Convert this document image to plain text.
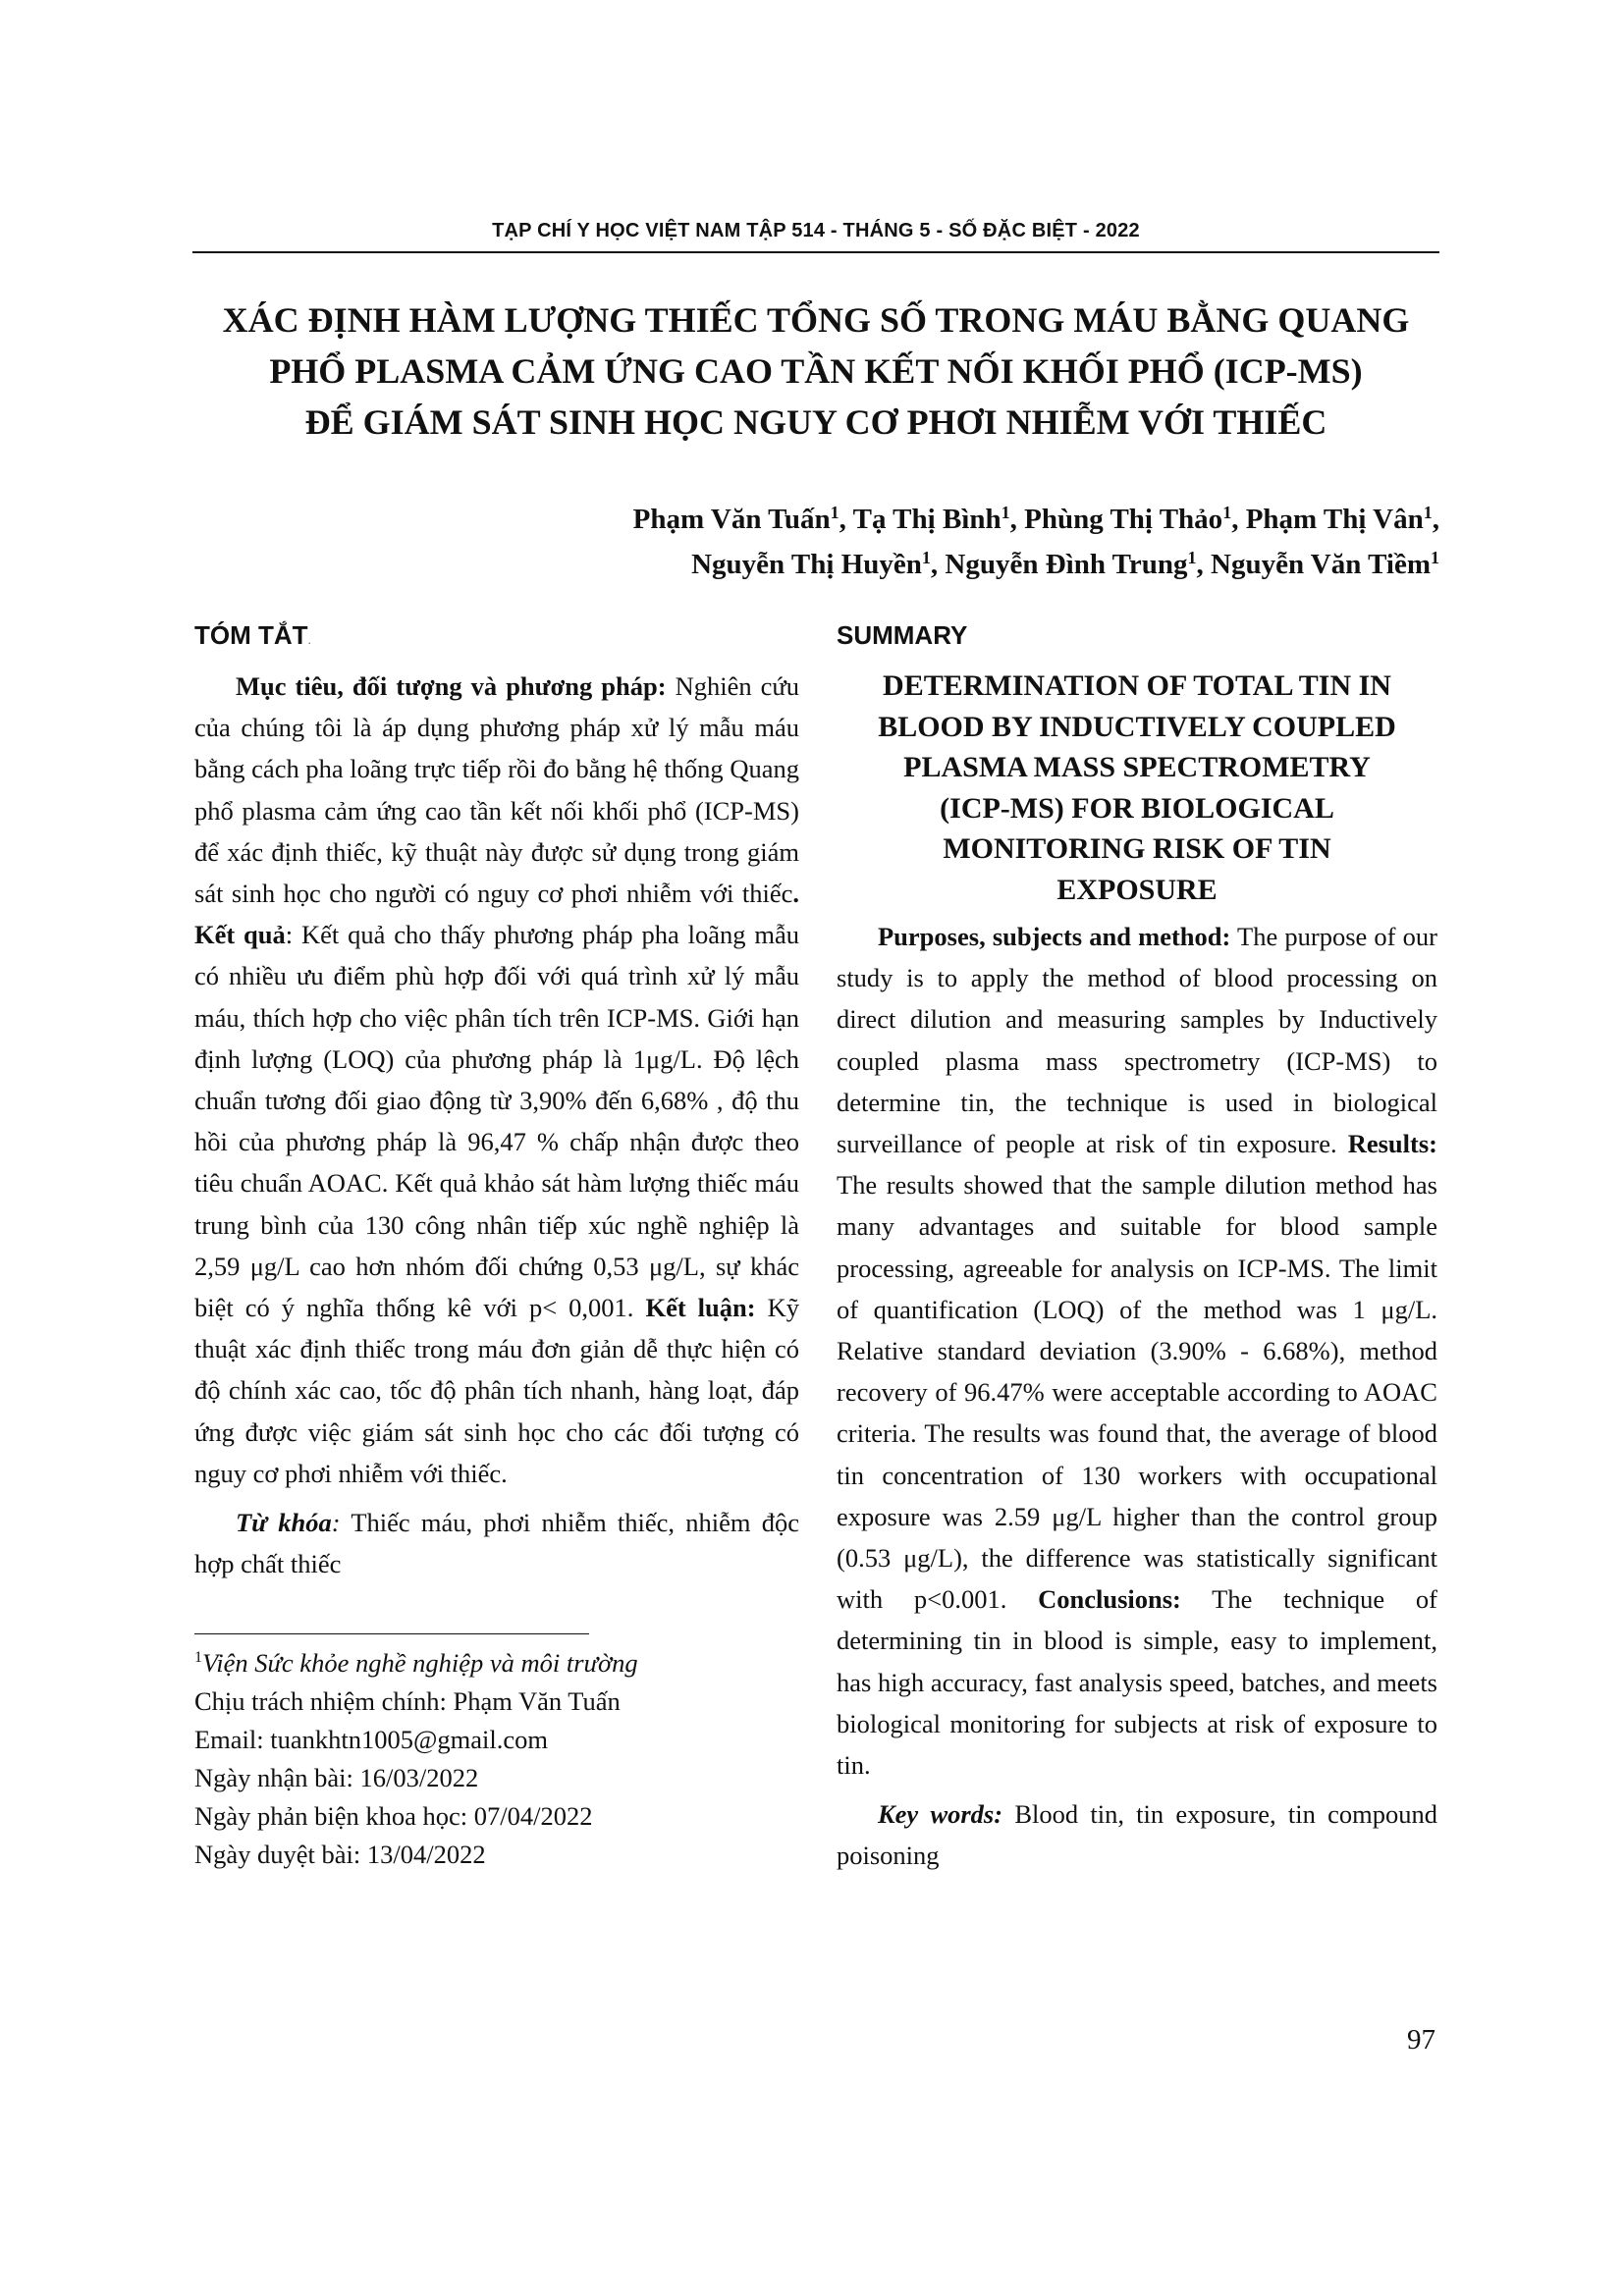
TẠP CHÍ Y HỌC VIỆT NAM TẬP 514 - THÁNG 5 - SỐ ĐẶC BIỆT - 2022
XÁC ĐỊNH HÀM LƯỢNG THIẾC TỔNG SỐ TRONG MÁU BẰNG QUANG
PHỔ PLASMA CẢM ỨNG CAO TẦN KẾT NỐI KHỐI PHỔ (ICP-MS)
ĐỂ GIÁM SÁT SINH HỌC NGUY CƠ PHƠI NHIỄM VỚI THIẾC
Phạm Văn Tuấn$^1$, Tạ Thị Bình$^1$, Phùng Thị Thảo$^1$, Phạm Thị Vân$^1$,
Nguyễn Thị Huyền$^1$, Nguyễn Đình Trung$^1$, Nguyễn Văn Tiềm$^1$
TÓM TẮT.

Mục tiêu, đối tượng và phương pháp: Nghiên cứu của chúng tôi là áp dụng phương pháp xử lý mẫu máu bằng cách pha loãng trực tiếp rồi đo bằng hệ thống Quang phổ plasma cảm ứng cao tần kết nối khối phổ (ICP-MS) để xác định thiếc, kỹ thuật này được sử dụng trong giám sát sinh học cho người có nguy cơ phơi nhiễm với thiếc. Kết quả: Kết quả cho thấy phương pháp pha loãng mẫu có nhiều ưu điểm phù hợp đối với quá trình xử lý mẫu máu, thích hợp cho việc phân tích trên ICP-MS. Giới hạn định lượng (LOQ) của phương pháp là 1μg/L. Độ lệch chuẩn tương đối giao động từ 3,90% đến 6,68% , độ thu hồi của phương pháp là 96,47 % chấp nhận được theo tiêu chuẩn AOAC. Kết quả khảo sát hàm lượng thiếc máu trung bình của 130 công nhân tiếp xúc nghề nghiệp là 2,59 μg/L cao hơn nhóm đối chứng 0,53 μg/L, sự khác biệt có ý nghĩa thống kê với p< 0,001. Kết luận: Kỹ thuật xác định thiếc trong máu đơn giản dễ thực hiện có độ chính xác cao, tốc độ phân tích nhanh, hàng loạt, đáp ứng được việc giám sát sinh học cho các đối tượng có nguy cơ phơi nhiễm với thiếc.

Từ khóa: Thiếc máu, phơi nhiễm thiếc, nhiễm độc hợp chất thiếc

$^1$Viện Sức khỏe nghề nghiệp và môi trường
Chịu trách nhiệm chính: Phạm Văn Tuấn
Email: tuankhtn1005@gmail.com
Ngày nhận bài: 16/03/2022
Ngày phản biện khoa học: 07/04/2022
Ngày duyệt bài: 13/04/2022
SUMMARY
DETERMINATION OF TOTAL TIN IN
BLOOD BY INDUCTIVELY COUPLED
PLASMA MASS SPECTROMETRY
(ICP-MS) FOR BIOLOGICAL
MONITORING RISK OF TIN
EXPOSURE

Purposes, subjects and method: The purpose of our study is to apply the method of blood processing on direct dilution and measuring samples by Inductively coupled plasma mass spectrometry (ICP-MS) to determine tin, the technique is used in biological surveillance of people at risk of tin exposure. Results: The results showed that the sample dilution method has many advantages and suitable for blood sample processing, agreeable for analysis on ICP-MS. The limit of quantification (LOQ) of the method was 1 μg/L. Relative standard deviation (3.90% - 6.68%), method recovery of 96.47% were acceptable according to AOAC criteria. The results was found that, the average of blood tin concentration of 130 workers with occupational exposure was 2.59 μg/L higher than the control group (0.53 μg/L), the difference was statistically significant with p<0.001. Conclusions: The technique of determining tin in blood is simple, easy to implement, has high accuracy, fast analysis speed, batches, and meets biological monitoring for subjects at risk of exposure to tin.

Key words: Blood tin, tin exposure, tin compound poisoning

97
